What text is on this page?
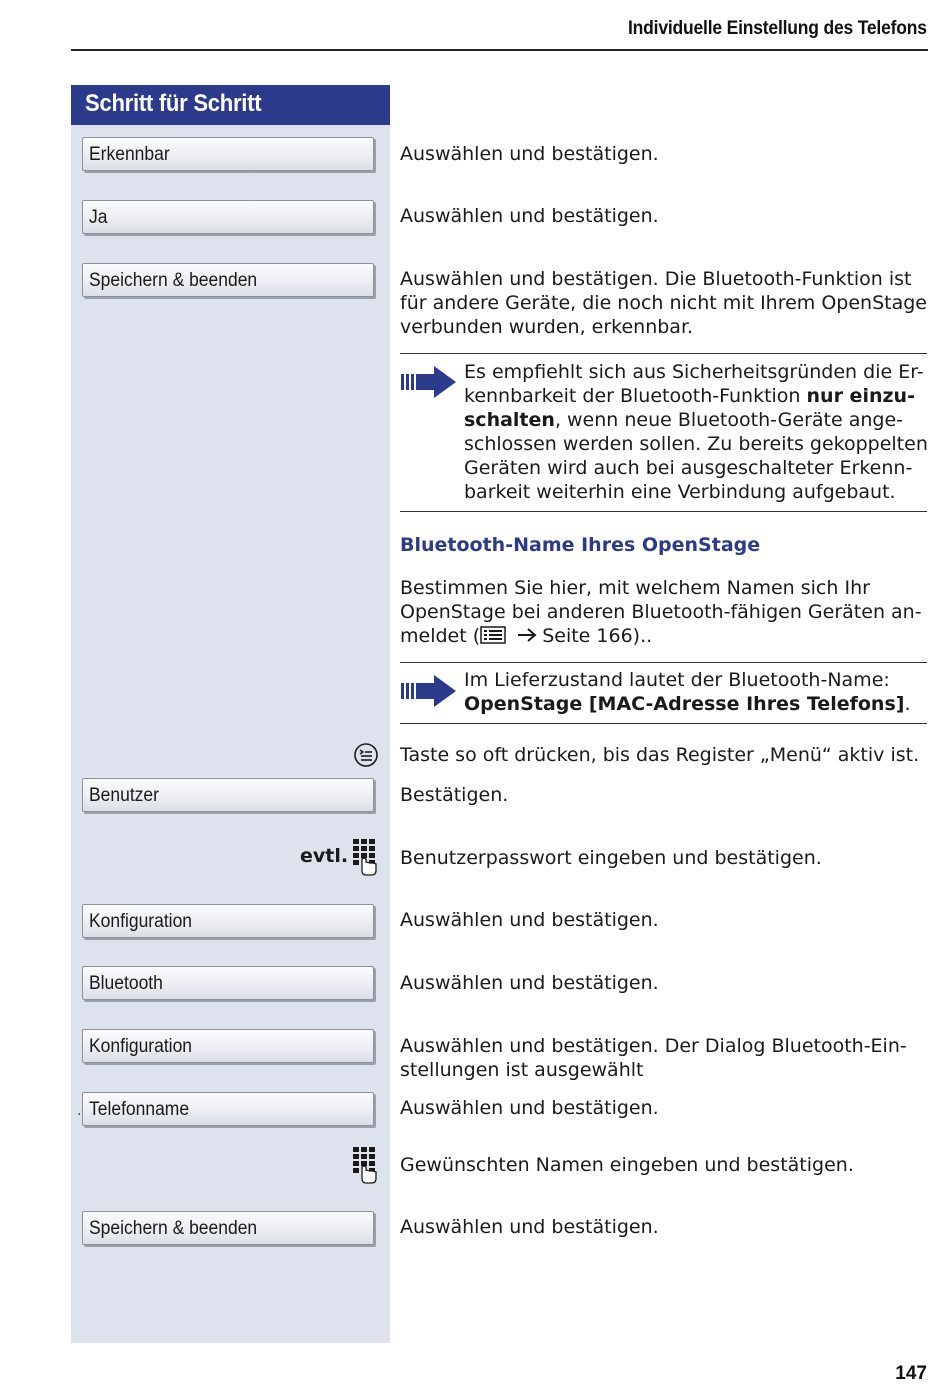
Individuelle Einstellung des Telefons
Schritt für Schritt
Erkennbar	Auswählen und bestätigen.
Ja	Auswählen und bestätigen.
Speichern & beenden	Auswählen und bestätigen. Die Bluetooth-Funktion ist
für andere Geräte, die noch nicht mit Ihrem OpenStage
verbunden wurden, erkennbar.
Es empfiehlt sich aus Sicherheitsgründen die Er-
kennbarkeit der Bluetooth-Funktion nur einzu-
schalten, wenn neue Bluetooth-Geräte ange-
schlossen werden sollen. Zu bereits gekoppelten
Geräten wird auch bei ausgeschalteter Erkenn-
barkeit weiterhin eine Verbindung aufgebaut.
Bluetooth-Name Ihres OpenStage
Bestimmen Sie hier, mit welchem Namen sich Ihr
OpenStage bei anderen Bluetooth-fähigen Geräten an-
meldet (	Seite 166)..
Im Lieferzustand lautet der Bluetooth-Name:
OpenStage [MAC-Adresse Ihres Telefons].
Taste so oft drücken, bis das Register „Menü“ aktiv ist.
Benutzer	Bestätigen.
evtl.	Benutzerpasswort eingeben und bestätigen.
Konfiguration	Auswählen und bestätigen.
Bluetooth	Auswählen und bestätigen.
Konfiguration	Auswählen und bestätigen. Der Dialog Bluetooth-Ein-
stellungen ist ausgewählt
. Telefonname	Auswählen und bestätigen.
Gewünschten Namen eingeben und bestätigen.
Speichern & beenden	Auswählen und bestätigen.
147
